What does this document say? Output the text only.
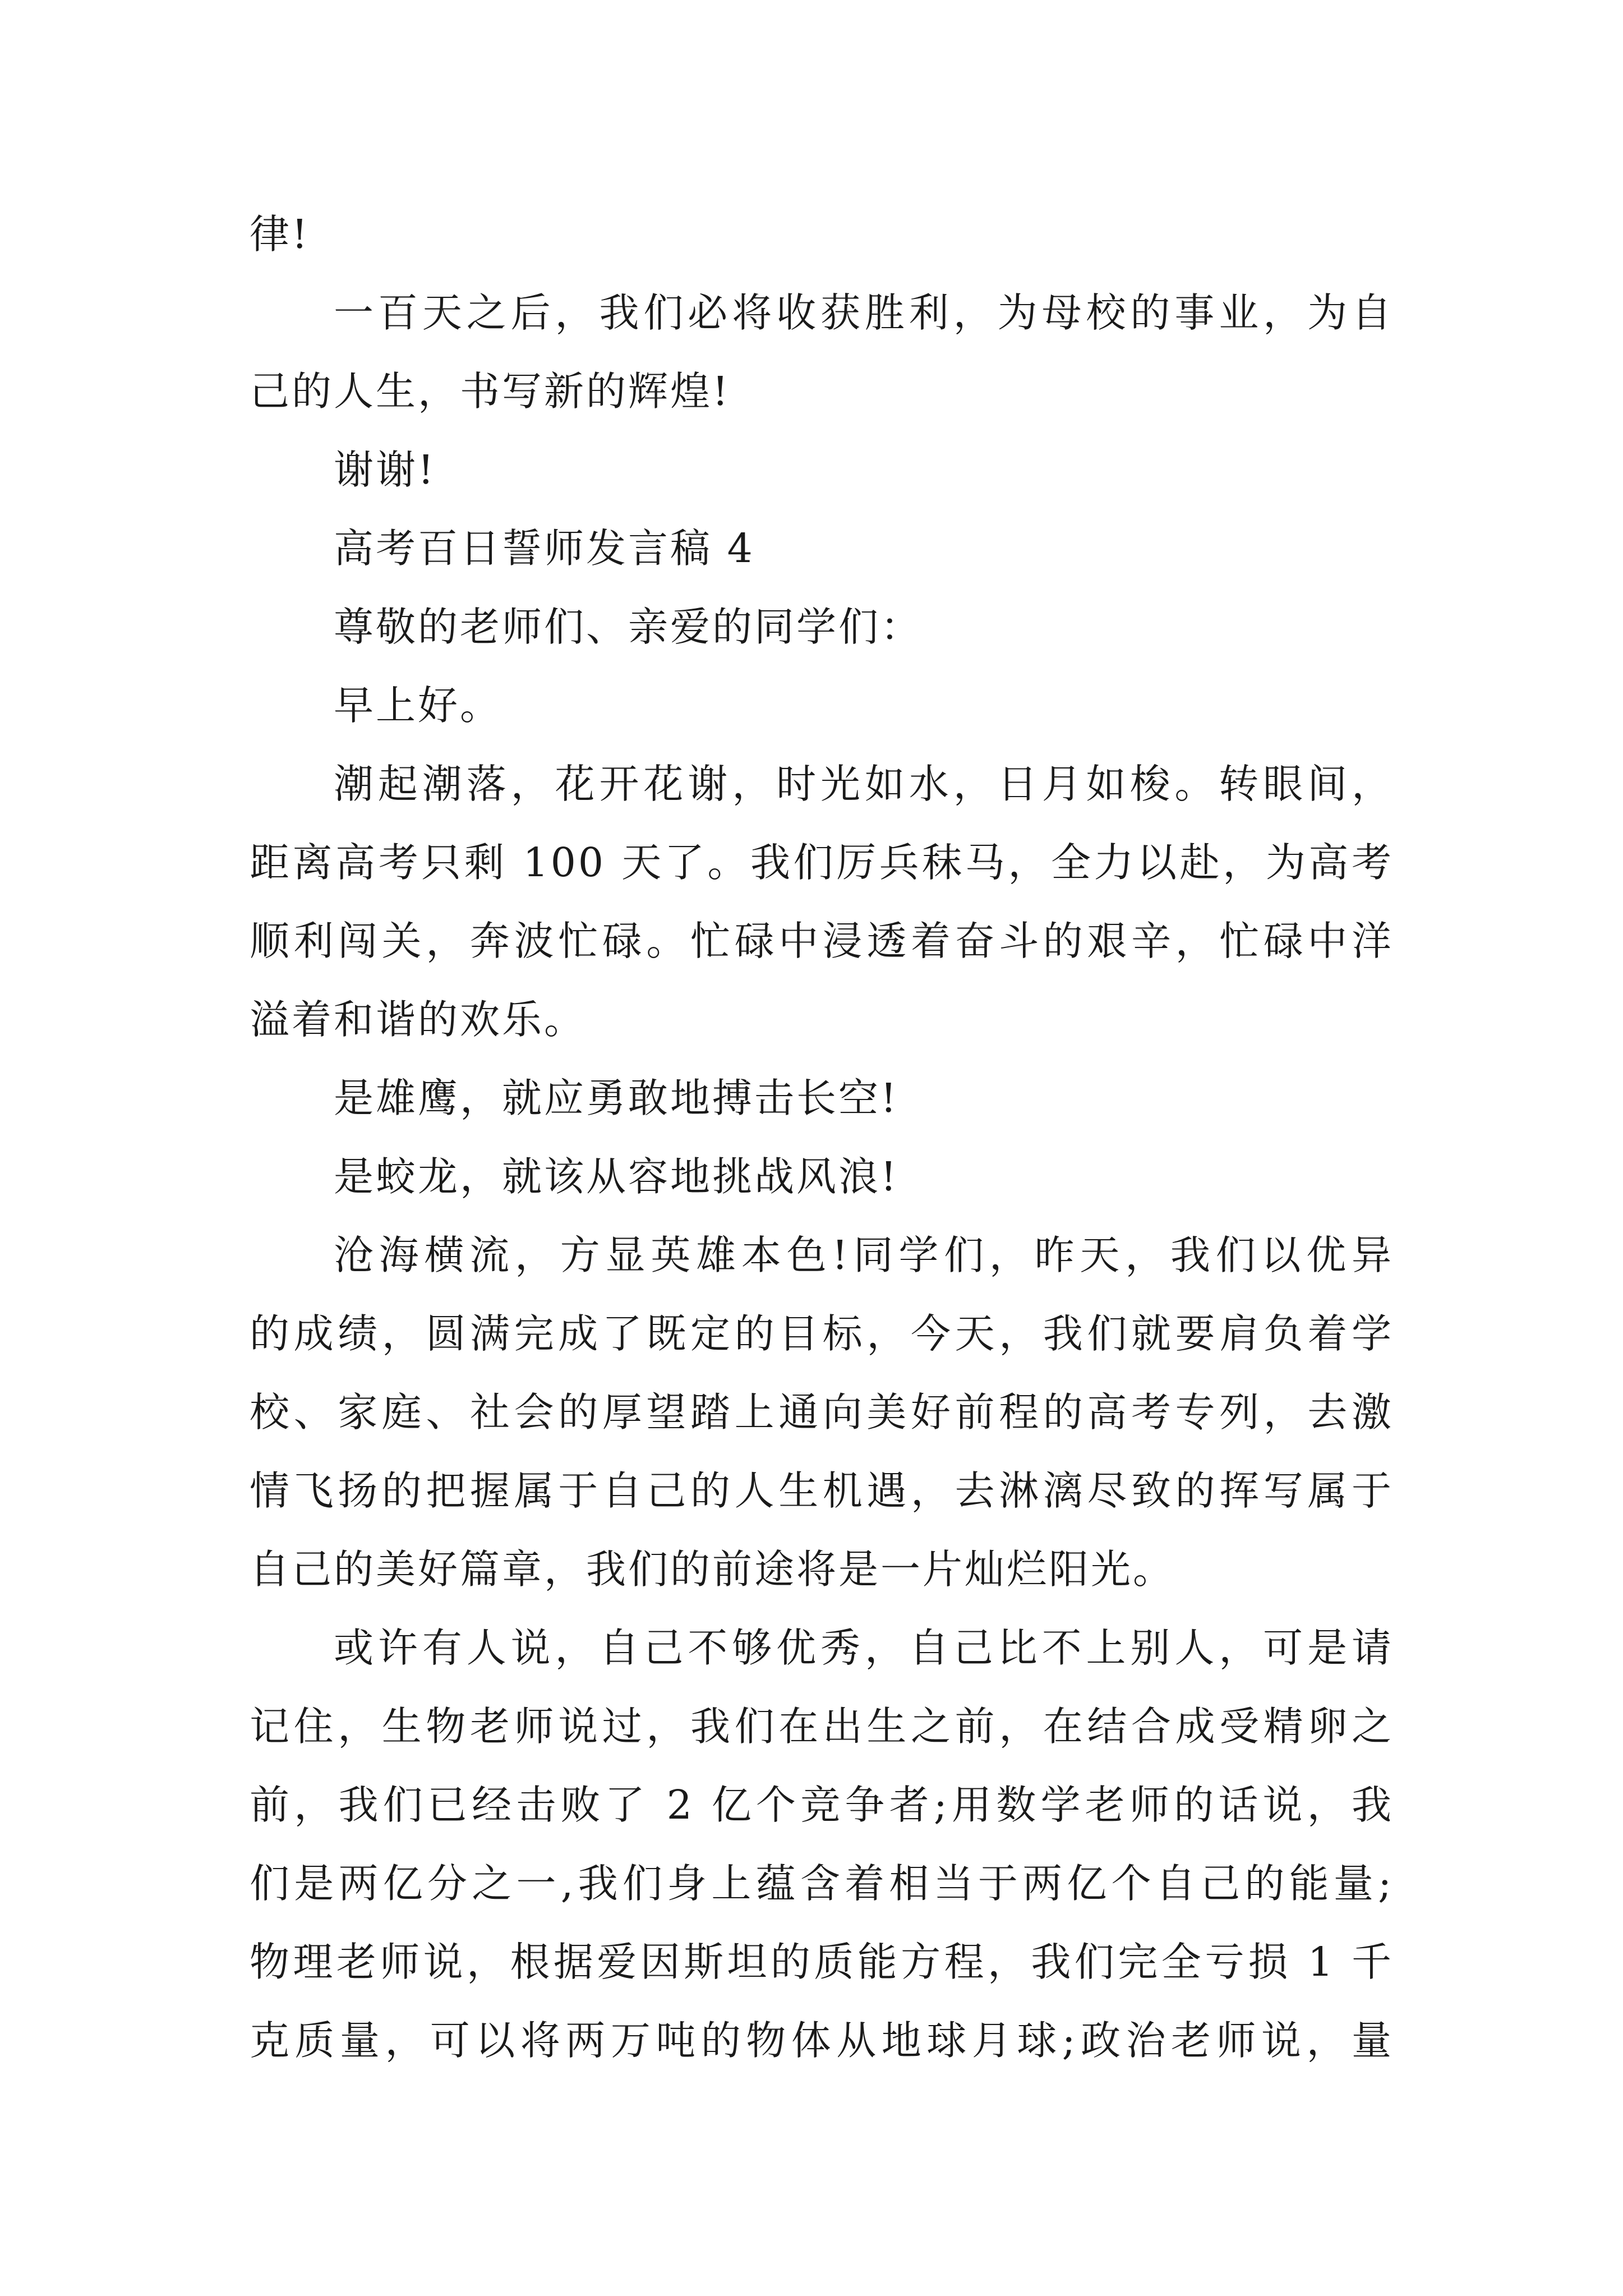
律!
一百天之后，我们必将收获胜利，为母校的事业，为自
己的人生，书写新的辉煌!
谢谢!
高考百日誓师发言稿 4
尊敬的老师们、亲爱的同学们：
早上好。
潮起潮落，花开花谢，时光如水，日月如梭。转眼间，
距离高考只剩 100 天了。我们厉兵秣马，全力以赴，为高考
顺利闯关，奔波忙碌。忙碌中浸透着奋斗的艰辛，忙碌中洋
溢着和谐的欢乐。
是雄鹰，就应勇敢地搏击长空!
是蛟龙，就该从容地挑战风浪!
沧海横流，方显英雄本色!同学们，昨天，我们以优异
的成绩，圆满完成了既定的目标，今天，我们就要肩负着学
校、家庭、社会的厚望踏上通向美好前程的高考专列，去激
情飞扬的把握属于自己的人生机遇，去淋漓尽致的挥写属于
自己的美好篇章，我们的前途将是一片灿烂阳光。
或许有人说，自己不够优秀，自己比不上别人，可是请
记住，生物老师说过，我们在出生之前，在结合成受精卵之
前，我们已经击败了 2 亿个竞争者;用数学老师的话说，我
们是两亿分之一,我们身上蕴含着相当于两亿个自己的能量;
物理老师说，根据爱因斯坦的质能方程，我们完全亏损 1 千
克质量，可以将两万吨的物体从地球月球;政治老师说，量
